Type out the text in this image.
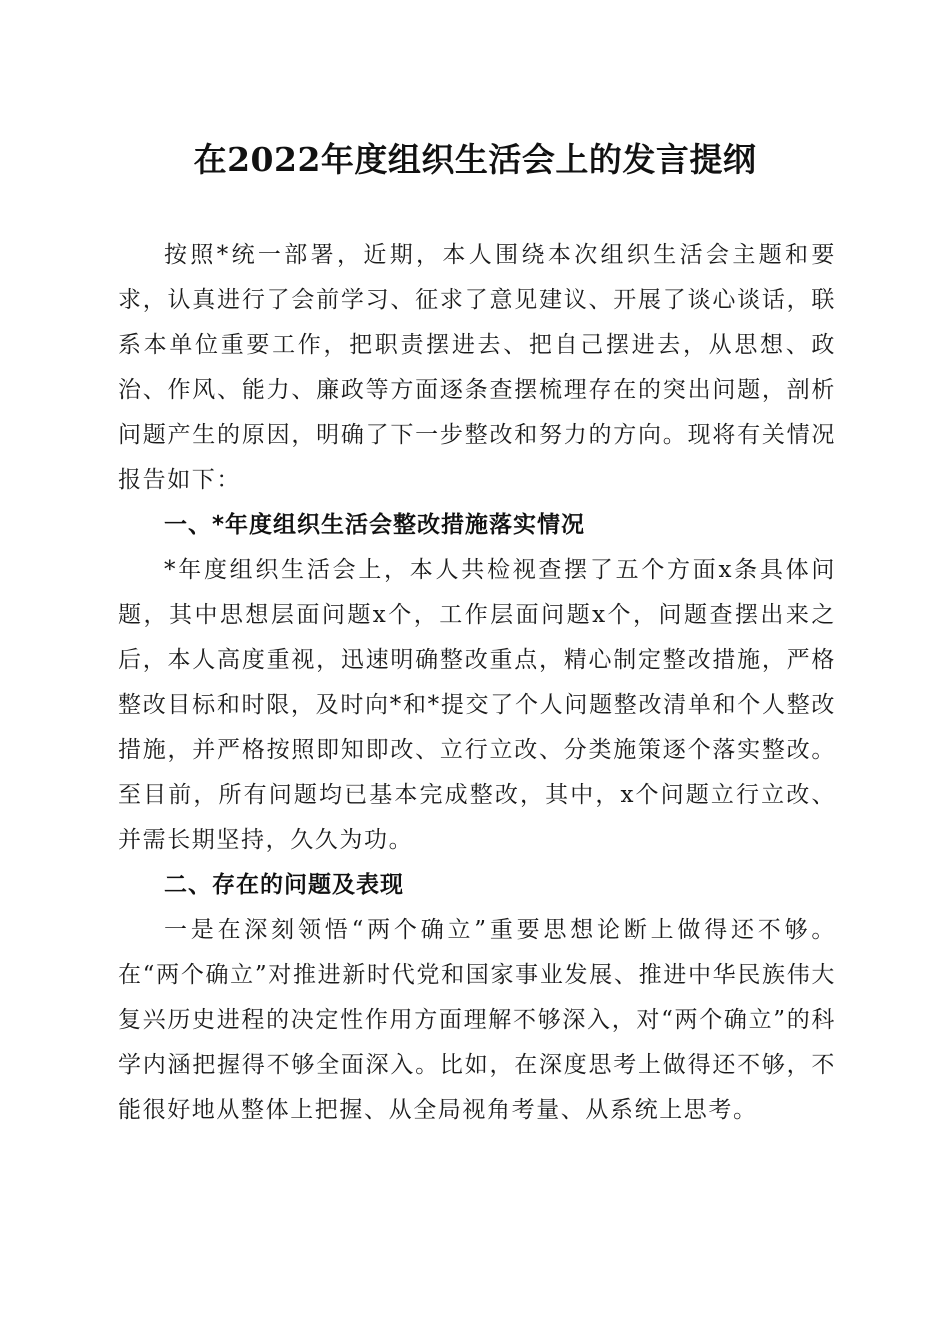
在2022年度组织生活会上的发言提纲

按照*统一部署，近期，本人围绕本次组织生活会主题和要求，认真进行了会前学习、征求了意见建议、开展了谈心谈话，联系本单位重要工作，把职责摆进去、把自己摆进去，从思想、政治、作风、能力、廉政等方面逐条查摆梳理存在的突出问题，剖析问题产生的原因，明确了下一步整改和努力的方向。现将有关情况报告如下：

一、*年度组织生活会整改措施落实情况

*年度组织生活会上，本人共检视查摆了五个方面x条具体问题，其中思想层面问题x个，工作层面问题x个，问题查摆出来之后，本人高度重视，迅速明确整改重点，精心制定整改措施，严格整改目标和时限，及时向*和*提交了个人问题整改清单和个人整改措施，并严格按照即知即改、立行立改、分类施策逐个落实整改。至目前，所有问题均已基本完成整改，其中，x个问题立行立改、并需长期坚持，久久为功。

二、存在的问题及表现

一是在深刻领悟“两个确立”重要思想论断上做得还不够。在“两个确立”对推进新时代党和国家事业发展、推进中华民族伟大复兴历史进程的决定性作用方面理解不够深入，对“两个确立”的科学内涵把握得不够全面深入。比如，在深度思考上做得还不够，不能很好地从整体上把握、从全局视角考量、从系统上思考。
